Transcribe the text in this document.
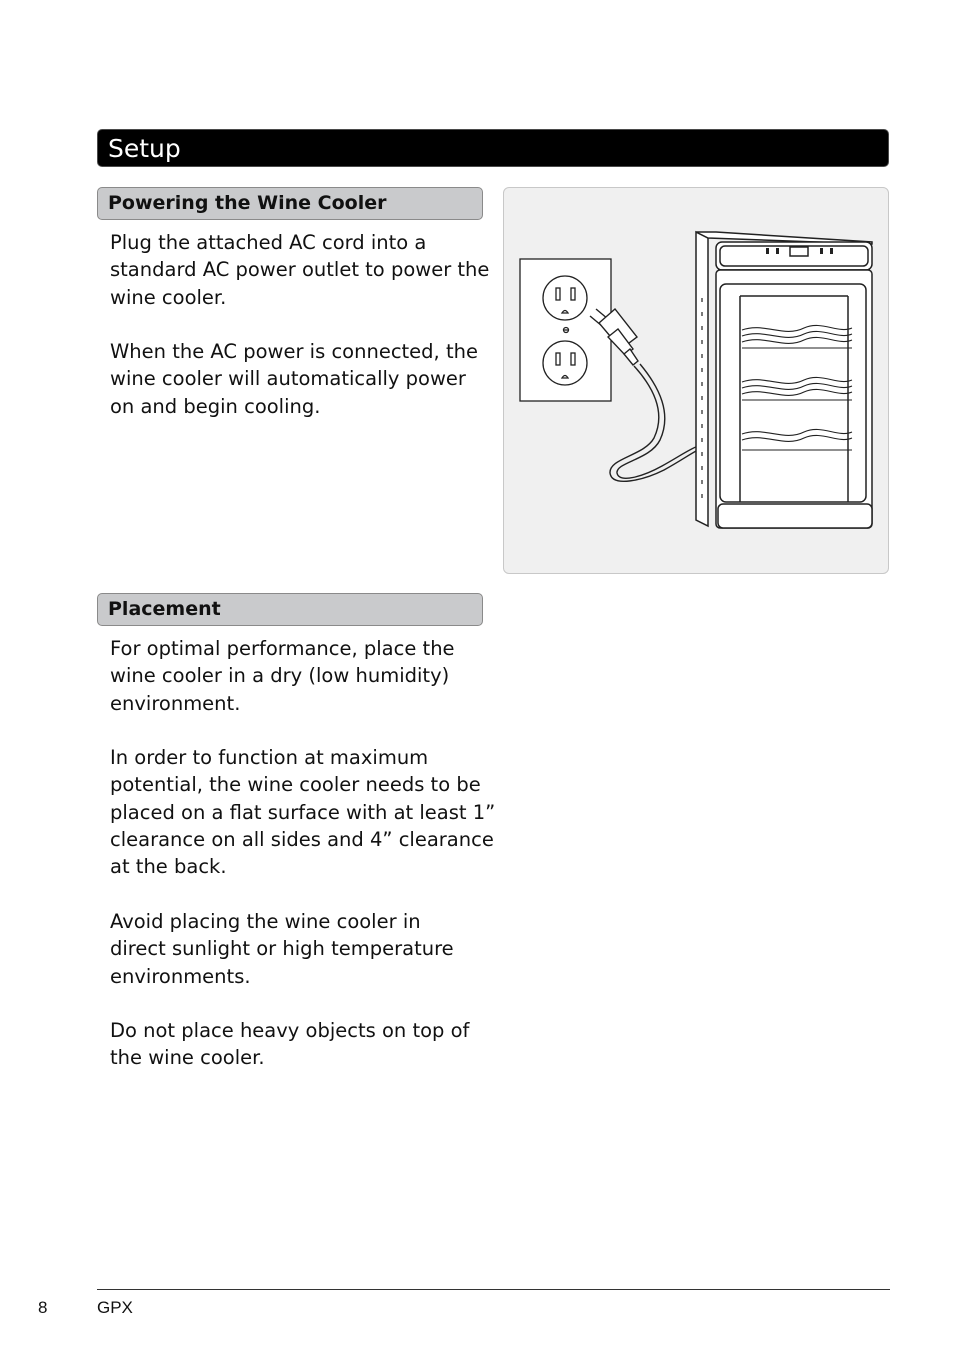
Setup
Powering the Wine Cooler

Plug the attached AC cord into a
standard AC power outlet to power the
wine cooler.

When the AC power is connected, the
wine cooler will automatically power
on and begin cooling.

Placement

For optimal performance, place the
wine cooler in a dry (low humidity)
environment.

In order to function at maximum
potential, the wine cooler needs to be
placed on a flat surface with at least 1”
clearance on all sides and 4” clearance
at the back.

Avoid placing the wine cooler in
direct sunlight or high temperature
environments.

Do not place heavy objects on top of
the wine cooler.

8	GPX
